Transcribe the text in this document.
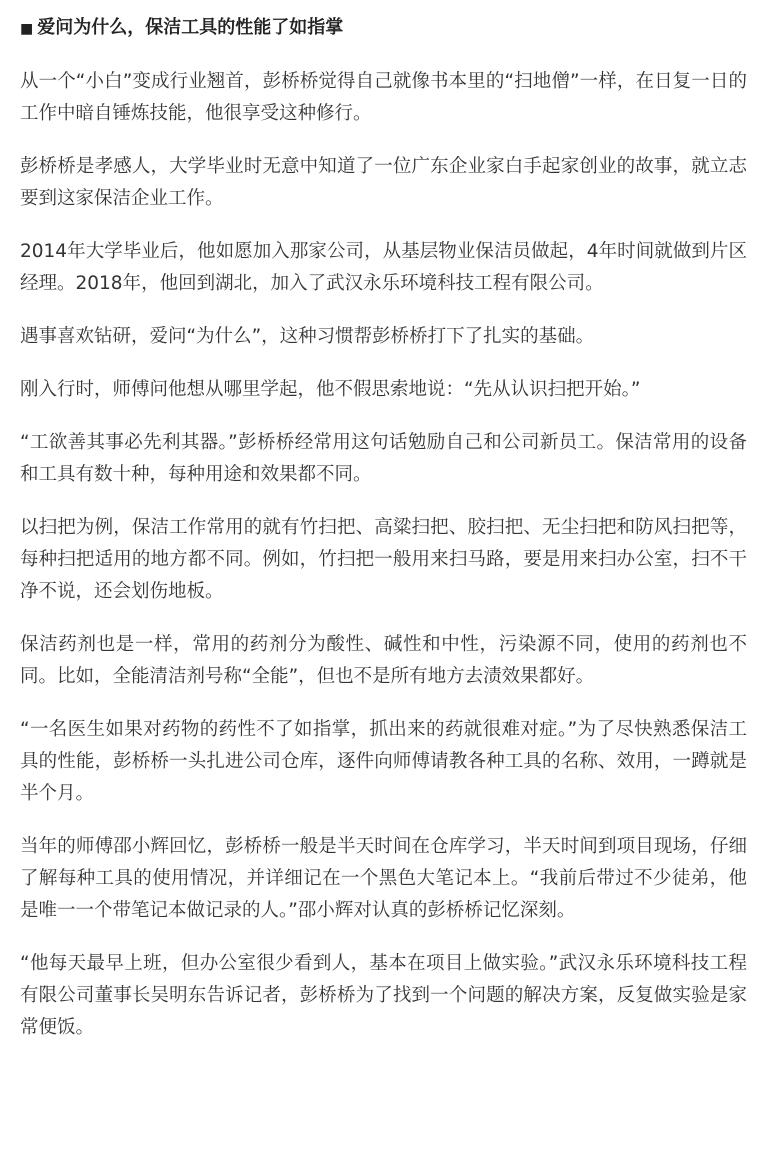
■ 爱问为什么，保洁工具的性能了如指掌

从一个“小白”变成行业翘首，彭桥桥觉得自己就像书本里的“扫地僧”一样，在日复一日的工作中暗自锤炼技能，他很享受这种修行。

彭桥桥是孝感人，大学毕业时无意中知道了一位广东企业家白手起家创业的故事，就立志要到这家保洁企业工作。

2014年大学毕业后，他如愿加入那家公司，从基层物业保洁员做起，4年时间就做到片区经理。2018年，他回到湖北，加入了武汉永乐环境科技工程有限公司。

遇事喜欢钻研，爱问“为什么”，这种习惯帮彭桥桥打下了扎实的基础。

刚入行时，师傅问他想从哪里学起，他不假思索地说：“先从认识扫把开始。”

“工欲善其事必先利其器。”彭桥桥经常用这句话勉励自己和公司新员工。保洁常用的设备和工具有数十种，每种用途和效果都不同。

以扫把为例，保洁工作常用的就有竹扫把、高粱扫把、胶扫把、无尘扫把和防风扫把等，每种扫把适用的地方都不同。例如，竹扫把一般用来扫马路，要是用来扫办公室，扫不干净不说，还会划伤地板。

保洁药剂也是一样，常用的药剂分为酸性、碱性和中性，污染源不同，使用的药剂也不同。比如，全能清洁剂号称“全能”，但也不是所有地方去渍效果都好。

“一名医生如果对药物的药性不了如指掌，抓出来的药就很难对症。”为了尽快熟悉保洁工具的性能，彭桥桥一头扎进公司仓库，逐件向师傅请教各种工具的名称、效用，一蹲就是半个月。

当年的师傅邵小辉回忆，彭桥桥一般是半天时间在仓库学习，半天时间到项目现场，仔细了解每种工具的使用情况，并详细记在一个黑色大笔记本上。“我前后带过不少徒弟，他是唯一一个带笔记本做记录的人。”邵小辉对认真的彭桥桥记忆深刻。

“他每天最早上班，但办公室很少看到人，基本在项目上做实验。”武汉永乐环境科技工程有限公司董事长吴明东告诉记者，彭桥桥为了找到一个问题的解决方案，反复做实验是家常便饭。
